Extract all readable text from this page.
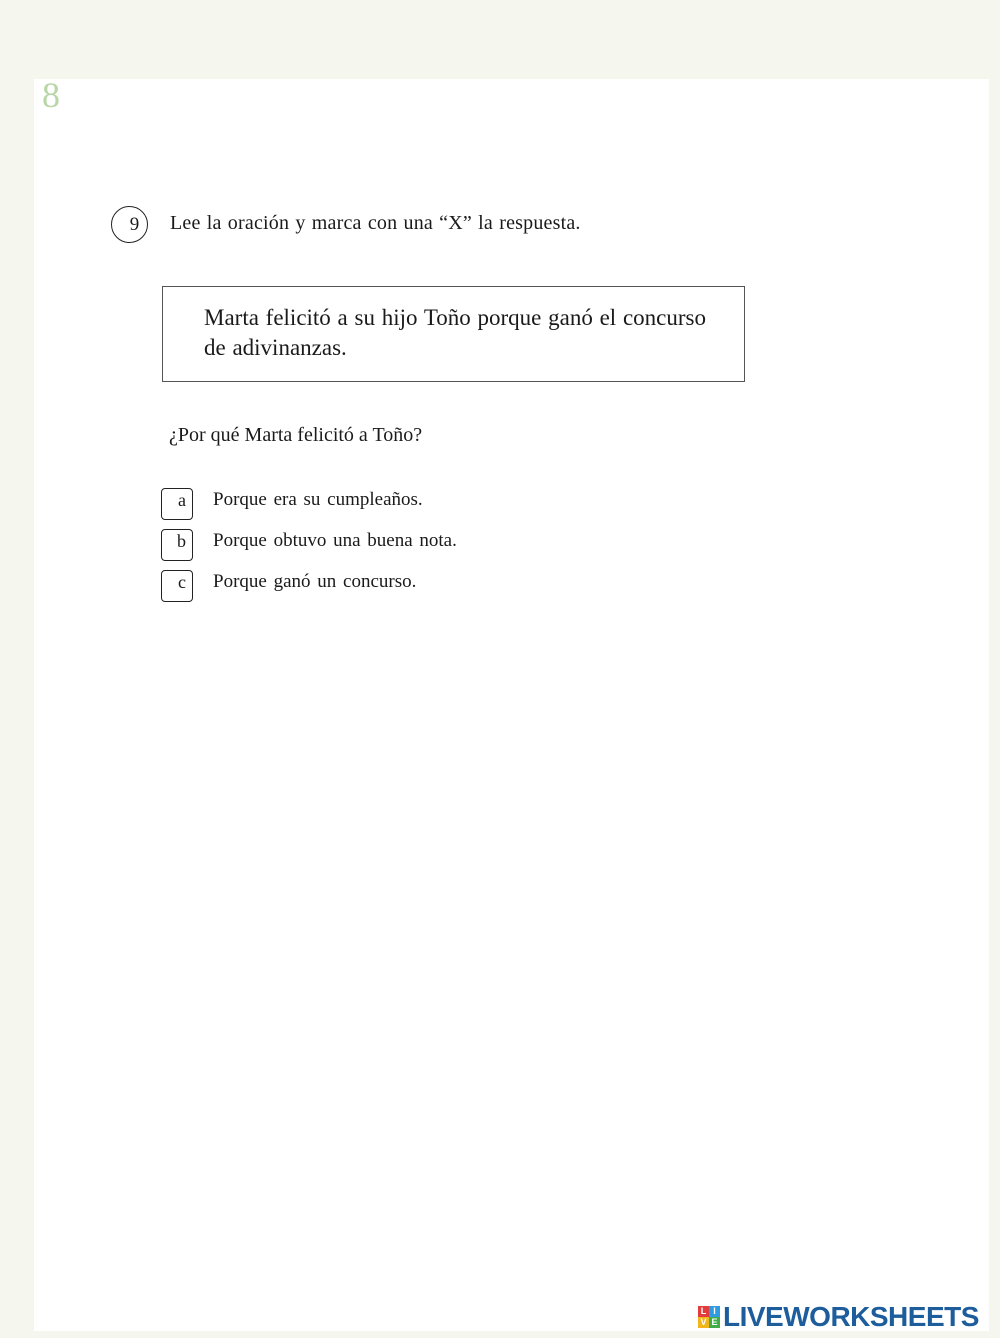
8
9	Lee la oración y marca con una “X” la respuesta.
Marta felicitó a su hijo Toño porque ganó el concurso de adivinanzas.
¿Por qué Marta felicitó a Toño?
a	Porque era su cumpleaños.
b	Porque obtuvo una buena nota.
c	Porque ganó un concurso.
L I
V E LIVEWORKSHEETS
